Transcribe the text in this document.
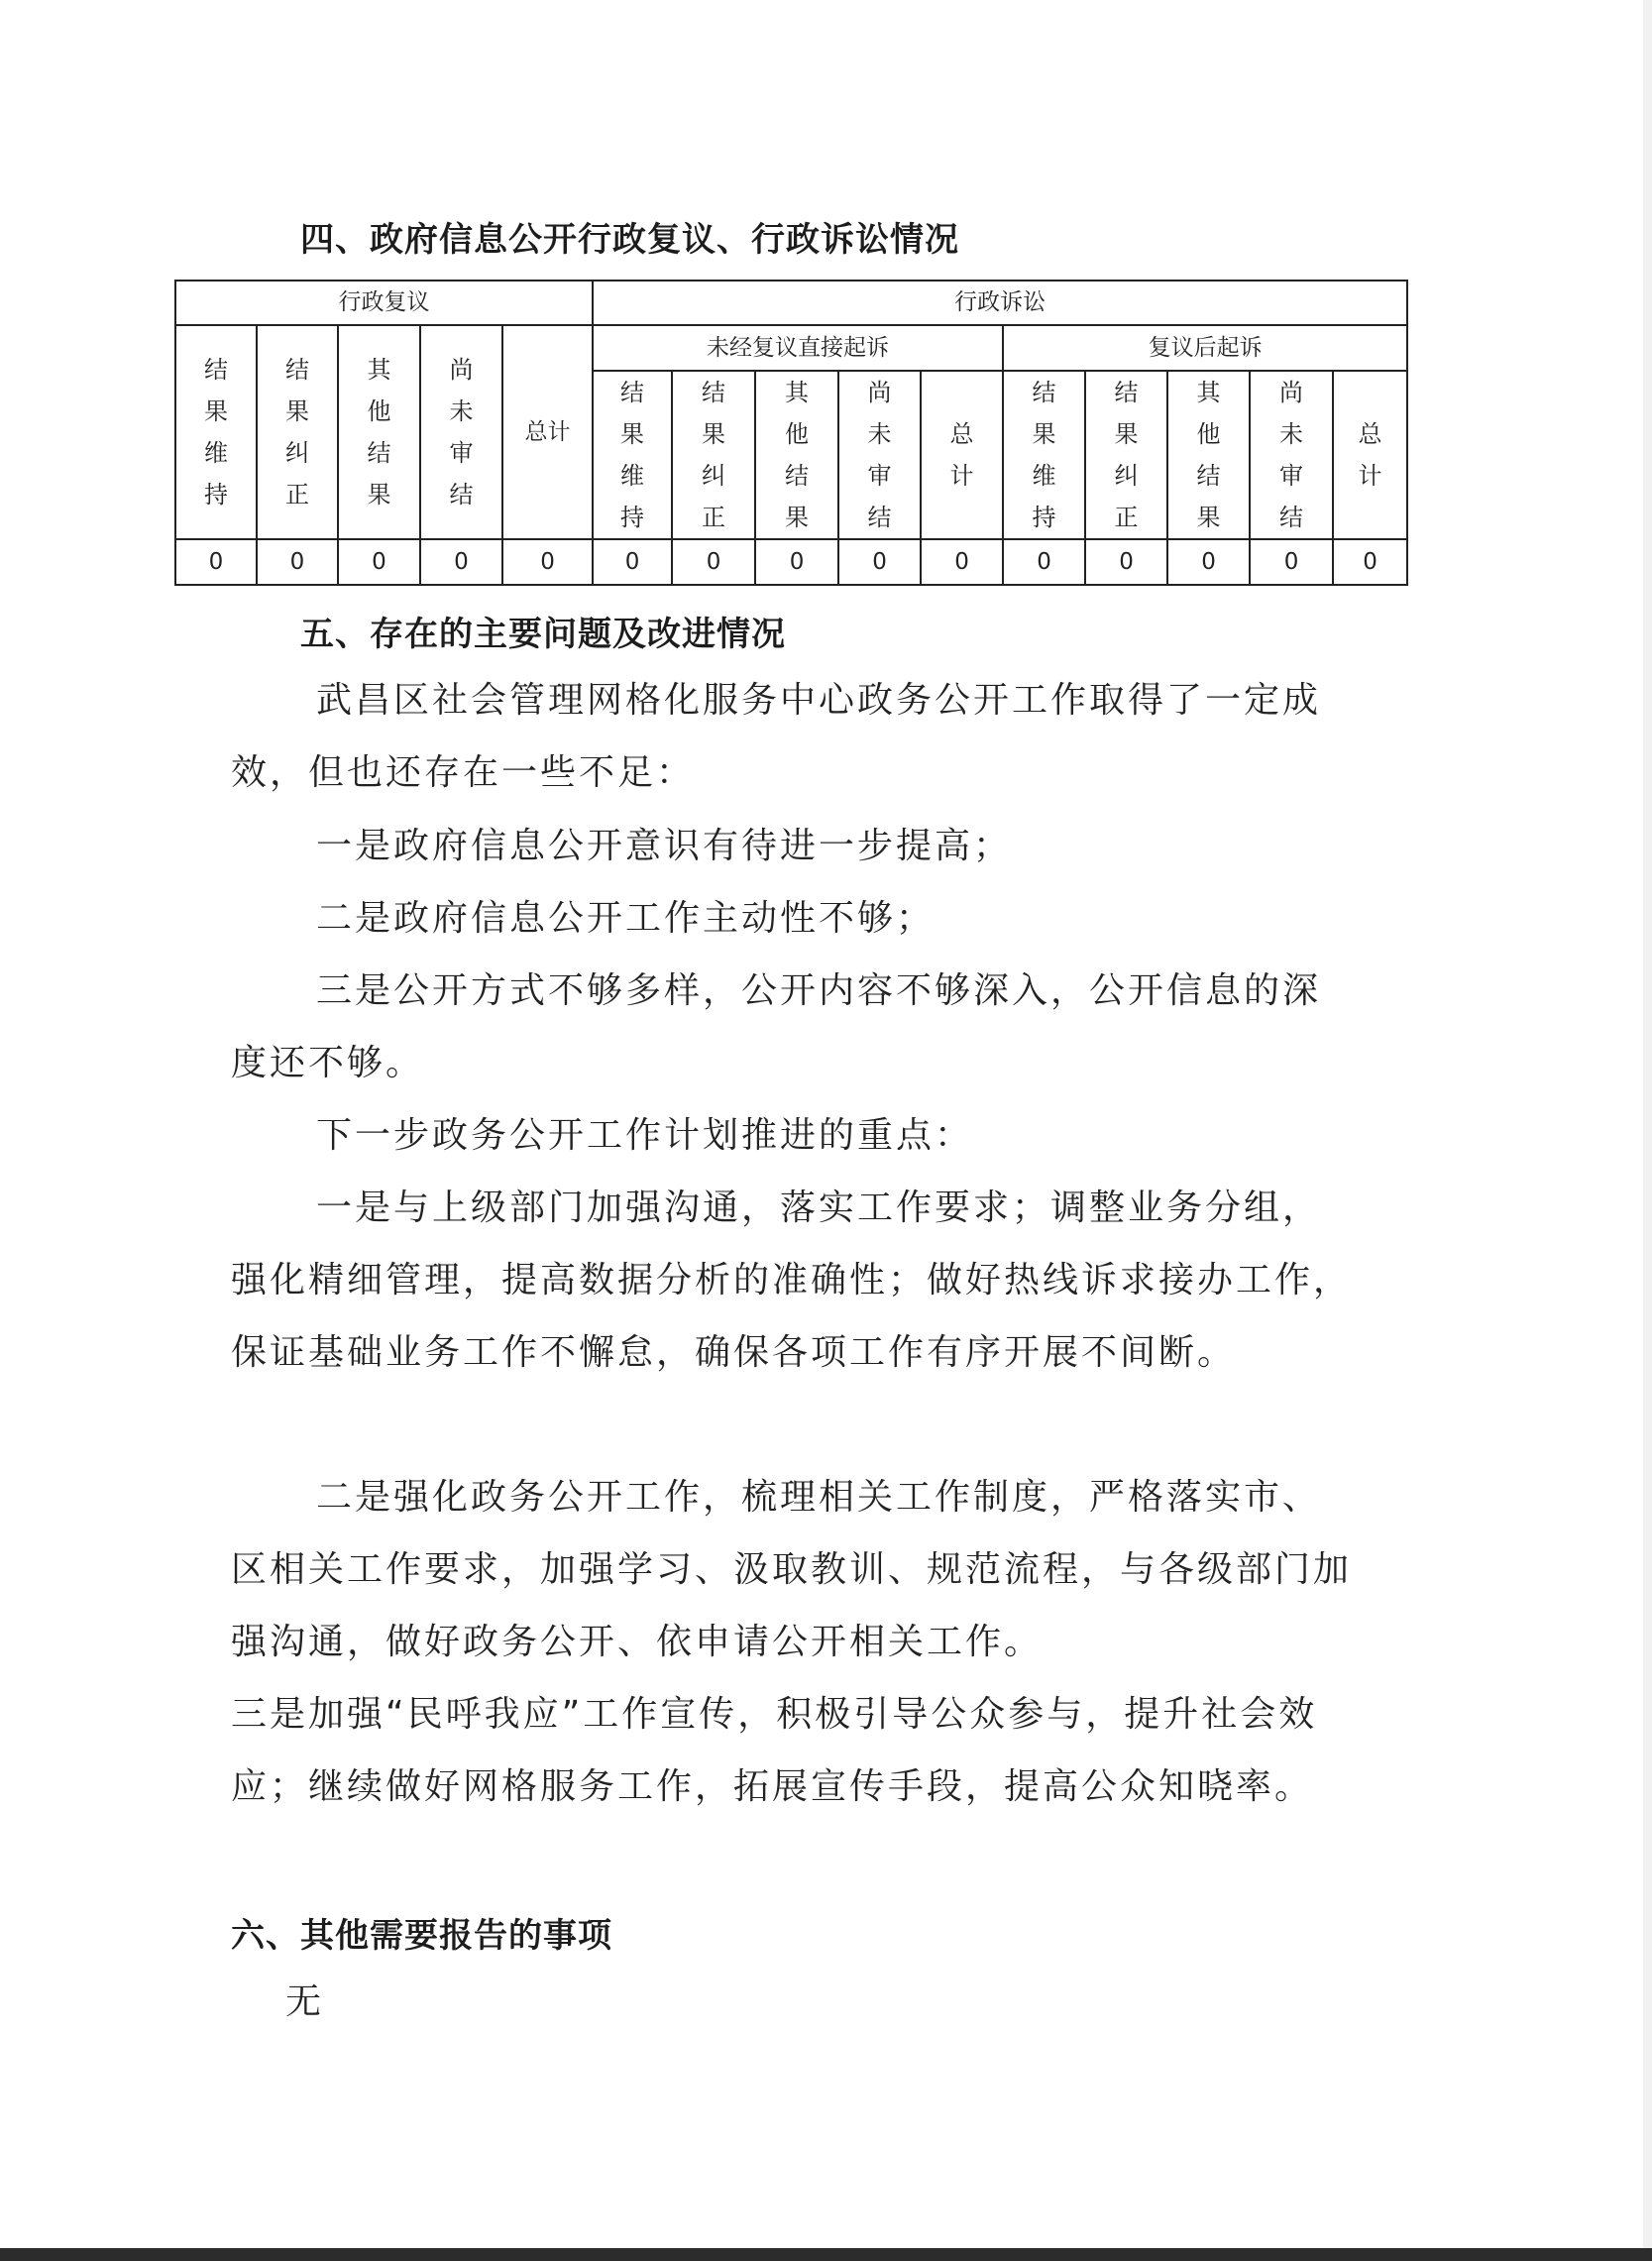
四、政府信息公开行政复议、行政诉讼情况
行政复议					行政诉讼									
结果维持	结果纠正	其他结果	尚未审结	总计	未经复议直接起诉					复议后起诉				
					结果维持	结果纠正	其他结果	尚未审结	总计	结果维持	结果纠正	其他结果	尚未审结	总计
0	0	0	0	0	0	0	0	0	0	0	0	0	0	0
五、存在的主要问题及改进情况
武昌区社会管理网格化服务中心政务公开工作取得了一定成效，但也还存在一些不足：
一是政府信息公开意识有待进一步提高；
二是政府信息公开工作主动性不够；
三是公开方式不够多样，公开内容不够深入，公开信息的深度还不够。
下一步政务公开工作计划推进的重点：
一是与上级部门加强沟通，落实工作要求；调整业务分组，强化精细管理，提高数据分析的准确性；做好热线诉求接办工作，保证基础业务工作不懈怠，确保各项工作有序开展不间断。
二是强化政务公开工作，梳理相关工作制度，严格落实市、区相关工作要求，加强学习、汲取教训、规范流程，与各级部门加强沟通，做好政务公开、依申请公开相关工作。
三是加强“民呼我应”工作宣传，积极引导公众参与，提升社会效应；继续做好网格服务工作，拓展宣传手段，提高公众知晓率。
六、其他需要报告的事项
无
